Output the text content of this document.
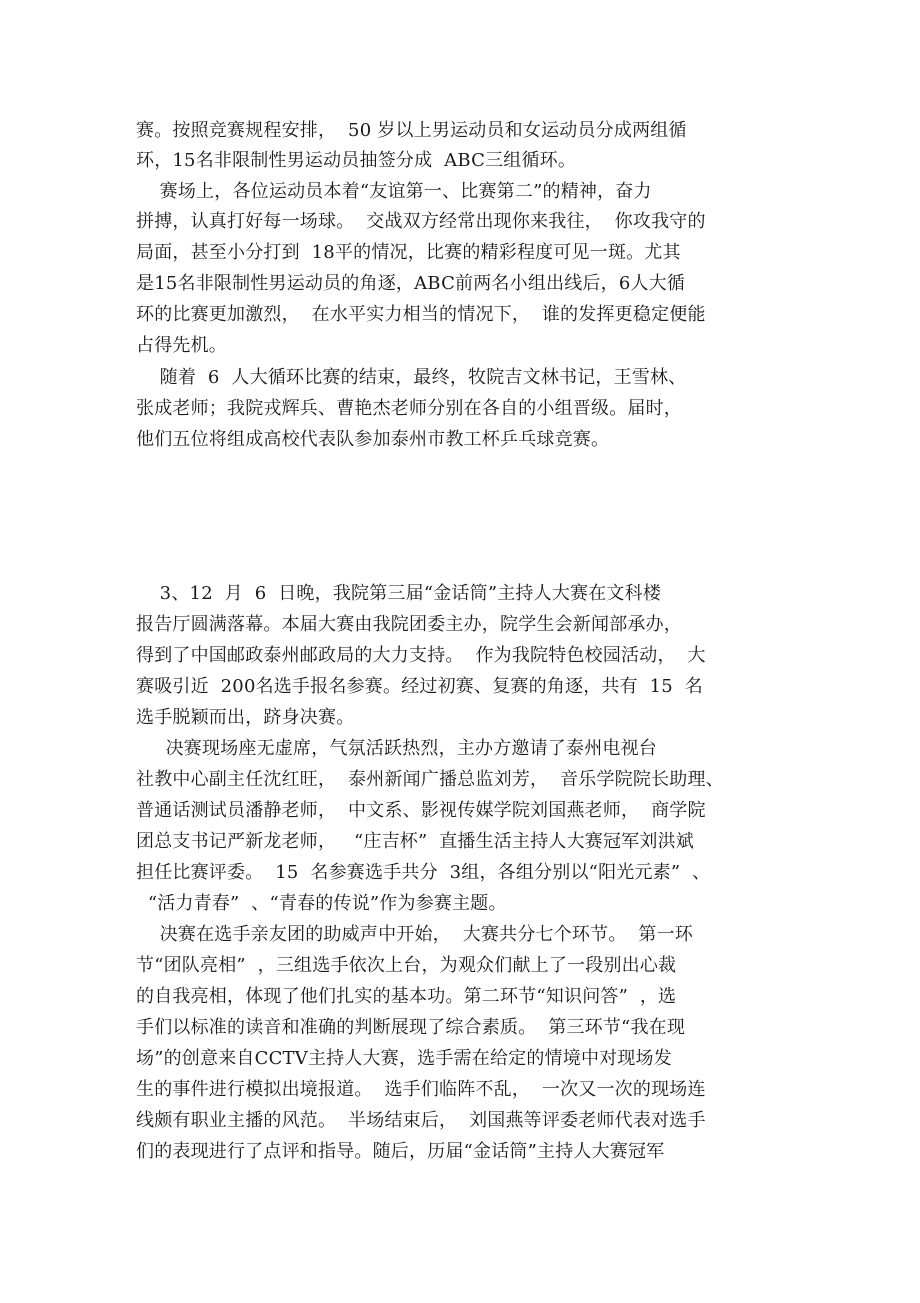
赛。按照竞赛规程安排，  50 岁以上男运动员和女运动员分成两组循
环，15名非限制性男运动员抽签分成  ABC三组循环。
赛场上，各位运动员本着“友谊第一、比赛第二”的精神，奋力
拼搏，认真打好每一场球。  交战双方经常出现你来我往，  你攻我守的
局面，甚至小分打到  18平的情况，比赛的精彩程度可见一斑。尤其
是15名非限制性男运动员的角逐，ABC前两名小组出线后，6人大循
环的比赛更加激烈，  在水平实力相当的情况下，  谁的发挥更稳定便能
占得先机。
随着  6  人大循环比赛的结束，最终，牧院吉文林书记，王雪林、
张成老师；我院戎辉兵、曹艳杰老师分别在各自的小组晋级。届时，
他们五位将组成高校代表队参加泰州市教工杯乒乓球竞赛。
3、12  月  6  日晚，我院第三届“金话筒”主持人大赛在文科楼
报告厅圆满落幕。本届大赛由我院团委主办，院学生会新闻部承办，
得到了中国邮政泰州邮政局的大力支持。  作为我院特色校园活动，  大
赛吸引近  200名选手报名参赛。经过初赛、复赛的角逐，共有  15  名
选手脱颖而出，跻身决赛。
决赛现场座无虚席，气氛活跃热烈，主办方邀请了泰州电视台
社教中心副主任沈红旺，  泰州新闻广播总监刘芳，  音乐学院院长助理、
普通话测试员潘静老师，  中文系、影视传媒学院刘国燕老师，  商学院
团总支书记严新龙老师，   “庄吉杯”  直播生活主持人大赛冠军刘洪斌
担任比赛评委。  15  名参赛选手共分  3组，各组分别以“阳光元素”  、
“活力青春”  、“青春的传说”作为参赛主题。
决赛在选手亲友团的助威声中开始，  大赛共分七个环节。  第一环
节“团队亮相”  ，三组选手依次上台，为观众们献上了一段别出心裁
的自我亮相，体现了他们扎实的基本功。第二环节“知识问答”  ，选
手们以标准的读音和准确的判断展现了综合素质。  第三环节“我在现
场”的创意来自CCTV主持人大赛，选手需在给定的情境中对现场发
生的事件进行模拟出境报道。  选手们临阵不乱，  一次又一次的现场连
线颇有职业主播的风范。  半场结束后，  刘国燕等评委老师代表对选手
们的表现进行了点评和指导。随后，历届“金话筒”主持人大赛冠军
